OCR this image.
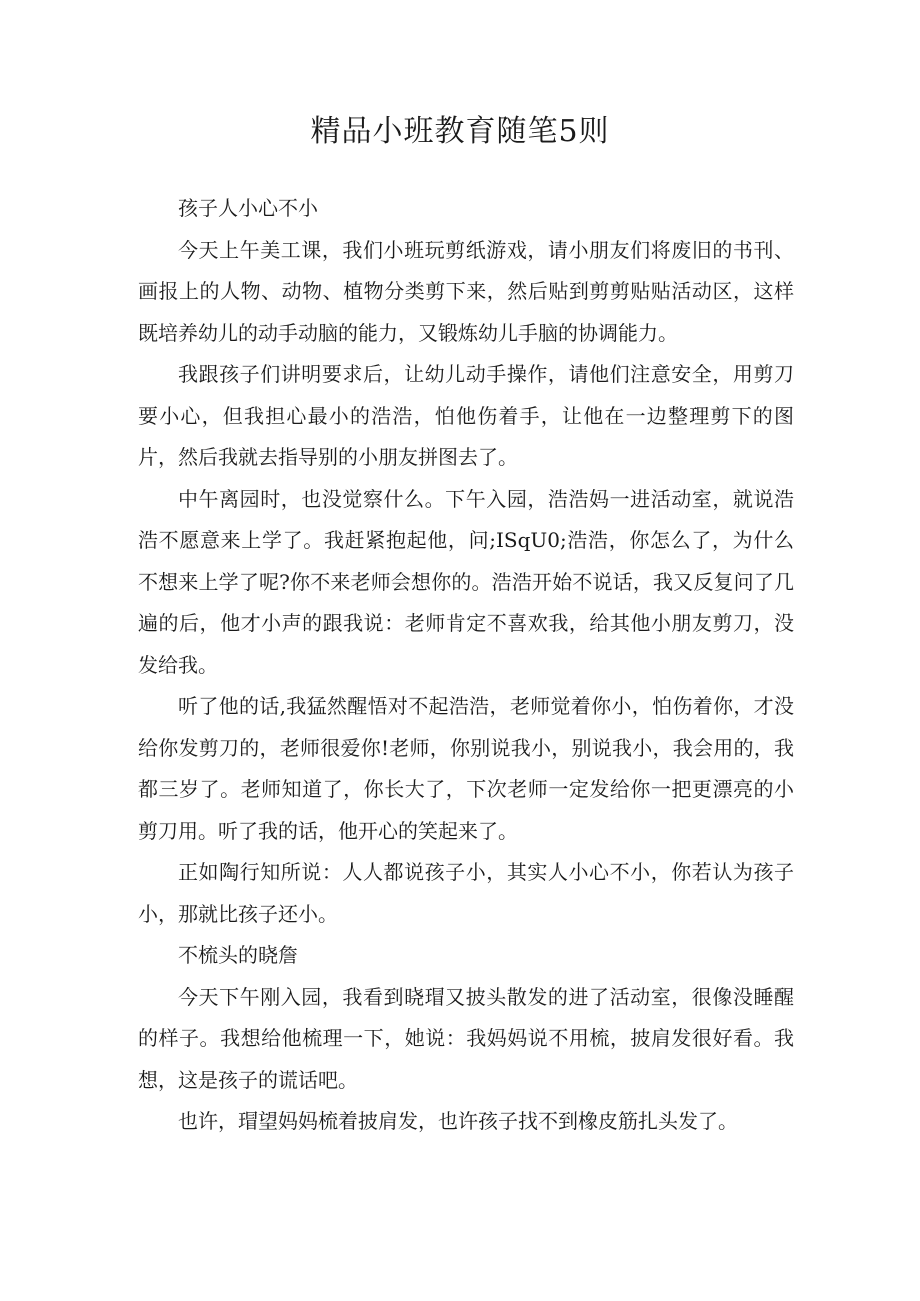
精品小班教育随笔5则

孩子人小心不小

今天上午美工课，我们小班玩剪纸游戏，请小朋友们将废旧的书刊、画报上的人物、动物、植物分类剪下来，然后贴到剪剪贴贴活动区，这样既培养幼儿的动手动脑的能力，又锻炼幼儿手脑的协调能力。

我跟孩子们讲明要求后，让幼儿动手操作，请他们注意安全，用剪刀要小心，但我担心最小的浩浩，怕他伤着手，让他在一边整理剪下的图片，然后我就去指导别的小朋友拼图去了。

中午离园时，也没觉察什么。下午入园，浩浩妈一进活动室，就说浩浩不愿意来上学了。我赶紧抱起他，问;ISqU0;浩浩，你怎么了，为什么不想来上学了呢?你不来老师会想你的。浩浩开始不说话，我又反复问了几遍的后，他才小声的跟我说：老师肯定不喜欢我，给其他小朋友剪刀，没发给我。

听了他的话,我猛然醒悟对不起浩浩，老师觉着你小，怕伤着你，才没给你发剪刀的，老师很爱你!老师，你别说我小，别说我小，我会用的，我都三岁了。老师知道了，你长大了，下次老师一定发给你一把更漂亮的小剪刀用。听了我的话，他开心的笑起来了。

正如陶行知所说：人人都说孩子小，其实人小心不小，你若认为孩子小，那就比孩子还小。

不梳头的晓詹

今天下午刚入园，我看到晓瑁又披头散发的进了活动室，很像没睡醒的样子。我想给他梳理一下，她说：我妈妈说不用梳，披肩发很好看。我想，这是孩子的谎话吧。

也许，瑁望妈妈梳着披肩发，也许孩子找不到橡皮筋扎头发了。
